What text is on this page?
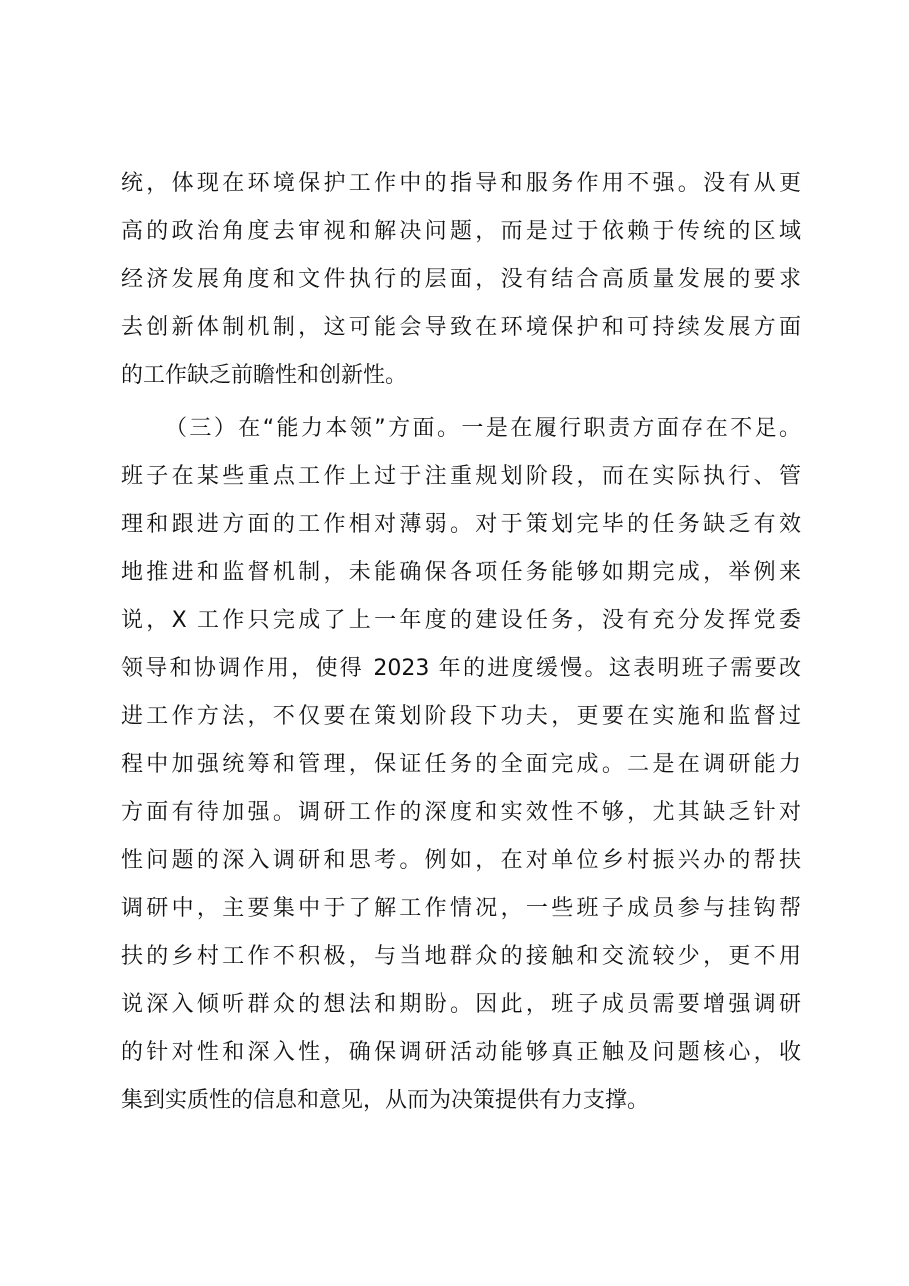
统，体现在环境保护工作中的指导和服务作用不强。没有从更
高的政治角度去审视和解决问题，而是过于依赖于传统的区域
经济发展角度和文件执行的层面，没有结合高质量发展的要求
去创新体制机制，这可能会导致在环境保护和可持续发展方面
的工作缺乏前瞻性和创新性。
（三）在“能力本领”方面。一是在履行职责方面存在不足。
班子在某些重点工作上过于注重规划阶段，而在实际执行、管
理和跟进方面的工作相对薄弱。对于策划完毕的任务缺乏有效
地推进和监督机制，未能确保各项任务能够如期完成，举例来
说，X 工作只完成了上一年度的建设任务，没有充分发挥党委
领导和协调作用，使得 2023 年的进度缓慢。这表明班子需要改
进工作方法，不仅要在策划阶段下功夫，更要在实施和监督过
程中加强统筹和管理，保证任务的全面完成。二是在调研能力
方面有待加强。调研工作的深度和实效性不够，尤其缺乏针对
性问题的深入调研和思考。例如，在对单位乡村振兴办的帮扶
调研中，主要集中于了解工作情况，一些班子成员参与挂钩帮
扶的乡村工作不积极，与当地群众的接触和交流较少，更不用
说深入倾听群众的想法和期盼。因此，班子成员需要增强调研
的针对性和深入性，确保调研活动能够真正触及问题核心，收
集到实质性的信息和意见，从而为决策提供有力支撑。
